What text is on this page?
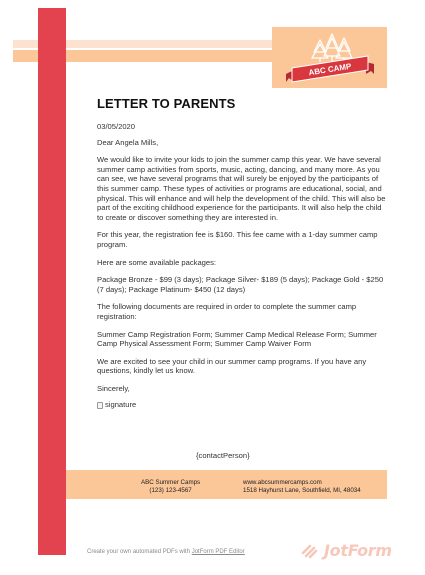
ABC CAMP
LETTER TO PARENTS
03/05/2020
Dear Angela Mills,
We would like to invite your kids to join the summer camp this year. We have several summer camp activities from sports, music, acting, dancing, and many more. As you can see, we have several programs that will surely be enjoyed by the participants of this summer camp. These types of activities or programs are educational, social, and physical. This will enhance and will help the development of the child. This will also be part of the exciting childhood experience for the participants. It will also help the child to create or discover something they are interested in.
For this year, the registration fee is $160. This fee came with a 1-day summer camp program.
Here are some available packages:
Package Bronze - $99 (3 days); Package Silver- $189 (5 days); Package Gold - $250 (7 days); Package Platinum- $450 (12 days)
The following documents are required in order to complete the summer camp registration:
Summer Camp Registration Form; Summer Camp Medical Release Form; Summer Camp Physical Assessment Form; Summer Camp Waiver Form
We are excited to see your child in our summer camp programs. If you have any questions, kindly let us know.
Sincerely,
signature
{contactPerson}
ABC Summer Camps
(123) 123-4567
www.abcsummercamps.com
1518 Hayhurst Lane, Southfield, MI, 48034
Create your own automated PDFs with JotForm PDF Editor	JotForm
